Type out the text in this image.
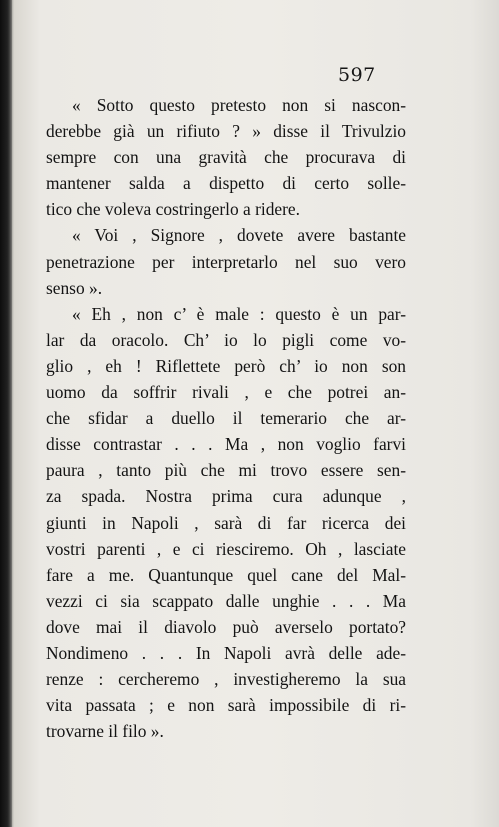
597
« Sotto questo pretesto non si nascon-
derebbe già un rifiuto ? » disse il Trivulzio
sempre con una gravità che procurava di
mantener salda a dispetto di certo solle-
tico che voleva costringerlo a ridere.
« Voi , Signore , dovete avere bastante
penetrazione per interpretarlo nel suo vero
senso ».
« Eh , non c’ è male : questo è un par-
lar da oracolo. Ch’ io lo pigli come vo-
glio , eh ! Riflettete però ch’ io non son
uomo da soffrir rivali , e che potrei an-
che sfidar a duello il temerario che ar-
disse contrastar . . . Ma , non voglio farvi
paura , tanto più che mi trovo essere sen-
za spada. Nostra prima cura adunque ,
giunti in Napoli , sarà di far ricerca dei
vostri parenti , e ci riesciremo. Oh , lasciate
fare a me. Quantunque quel cane del Mal-
vezzi ci sia scappato dalle unghie . . . Ma
dove mai il diavolo può averselo portato?
Nondimeno . . . In Napoli avrà delle ade-
renze : cercheremo , investigheremo la sua
vita passata ; e non sarà impossibile di ri-
trovarne il filo ».
